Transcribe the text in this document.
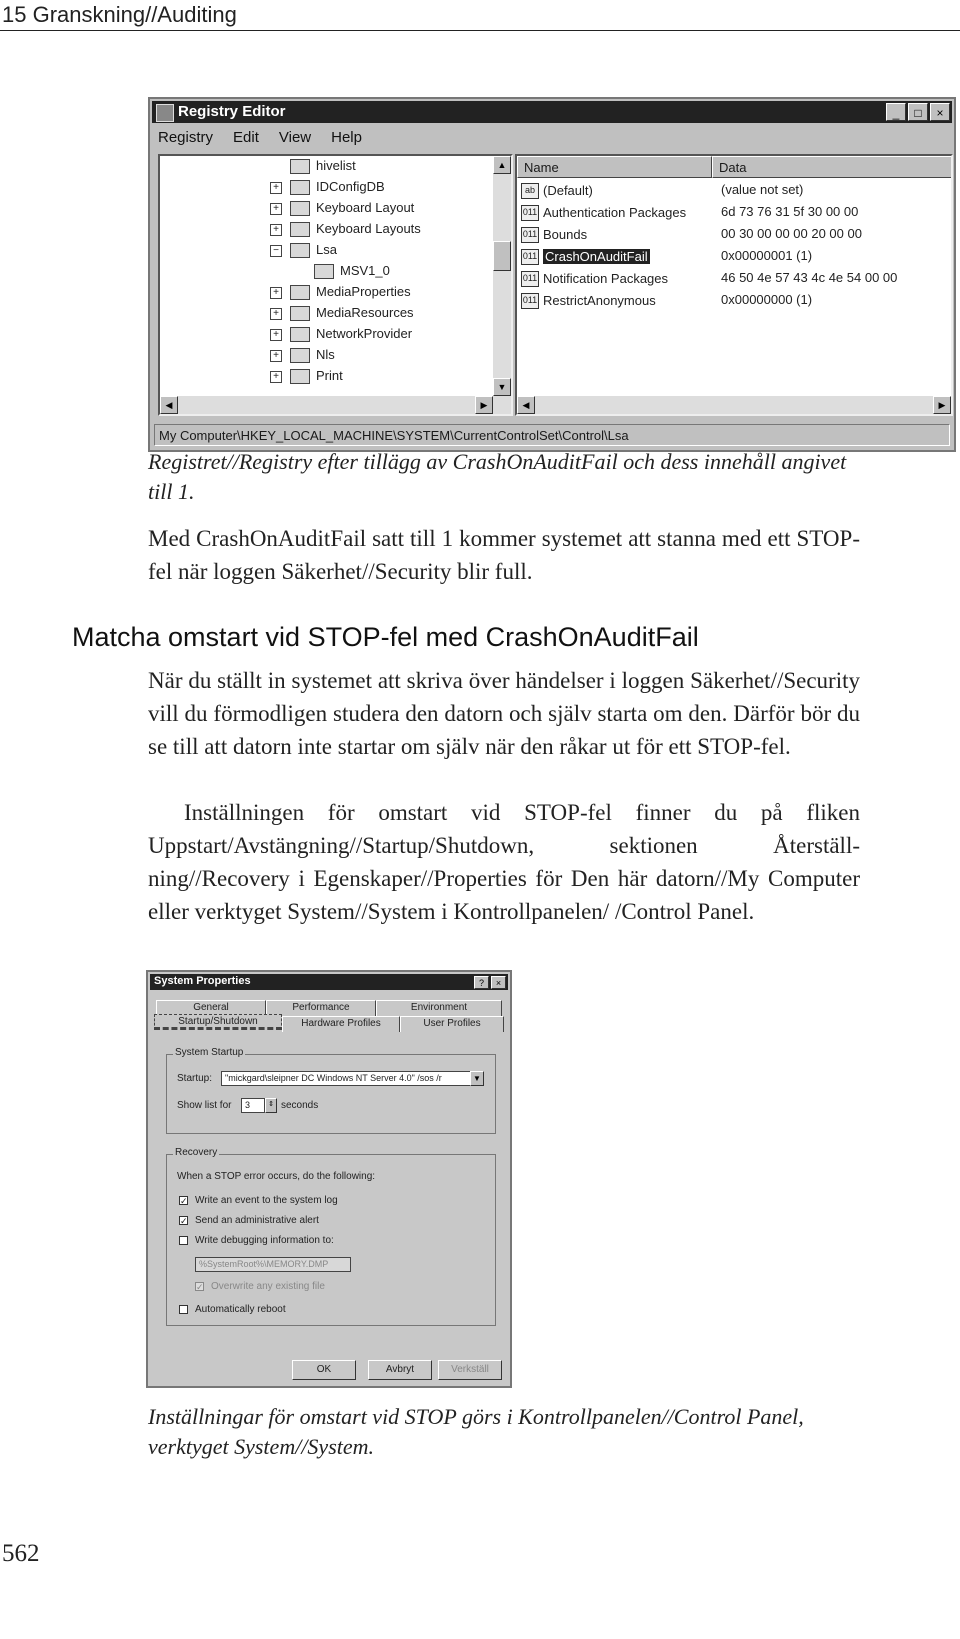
15 Granskning//Auditing
Registry Editor	_	□	×
Registry Edit View Help
hivelist
+	IDConfigDB
+	Keyboard Layout
+	Keyboard Layouts
−	Lsa
MSV1_0
+	MediaProperties
+	MediaResources
+	NetworkProvider
+	Nls
+	Print
▲
▼
◀	▶
Name	Data
ab (Default)	(value not set)
011 Authentication Packages	6d 73 76 31 5f 30 00 00
011 Bounds	00 30 00 00 00 20 00 00
011 CrashOnAuditFail	0x00000001 (1)
011 Notification Packages	46 50 4e 57 43 4c 4e 54 00 00
011 RestrictAnonymous	0x00000000 (1)
◀	▶
My Computer\HKEY_LOCAL_MACHINE\SYSTEM\CurrentControlSet\Control\Lsa
Registret//Registry efter tillägg av CrashOnAuditFail och dess innehåll angivet till 1.

Med CrashOnAuditFail satt till 1 kommer systemet att stanna med ett STOP-fel när loggen Säkerhet//Security blir full.

Matcha omstart vid STOP-fel med CrashOnAuditFail

När du ställt in systemet att skriva över händelser i loggen Säkerhet//Security vill du förmodligen studera den datorn och själv starta om den. Därför bör du se till att datorn inte startar om själv när den råkar ut för ett STOP-fel.

Inställningen för omstart vid STOP-fel finner du på fliken Uppstart/Avstängning//Startup/Shutdown, sektionen Återställ-ning//Recovery i Egenskaper//Properties för Den här datorn//My Computer eller verktyget System//System i Kontrollpanelen/ /Control Panel.

System Properties	?	×
General	Performance	Environment
Startup/Shutdown	Hardware Profiles	User Profiles
System Startup
Startup:	"mickgard\sleipner DC Windows NT Server 4.0" /sos /r	▼
Show list for	3	⇕ seconds
Recovery
When a STOP error occurs, do the following:
✓ Write an event to the system log
✓ Send an administrative alert
Write debugging information to:
%SystemRoot%\MEMORY.DMP
✓ Overwrite any existing file
Automatically reboot
OK	Avbryt	Verkställ
Inställningar för omstart vid STOP görs i Kontrollpanelen//Control Panel, verktyget System//System.
562
